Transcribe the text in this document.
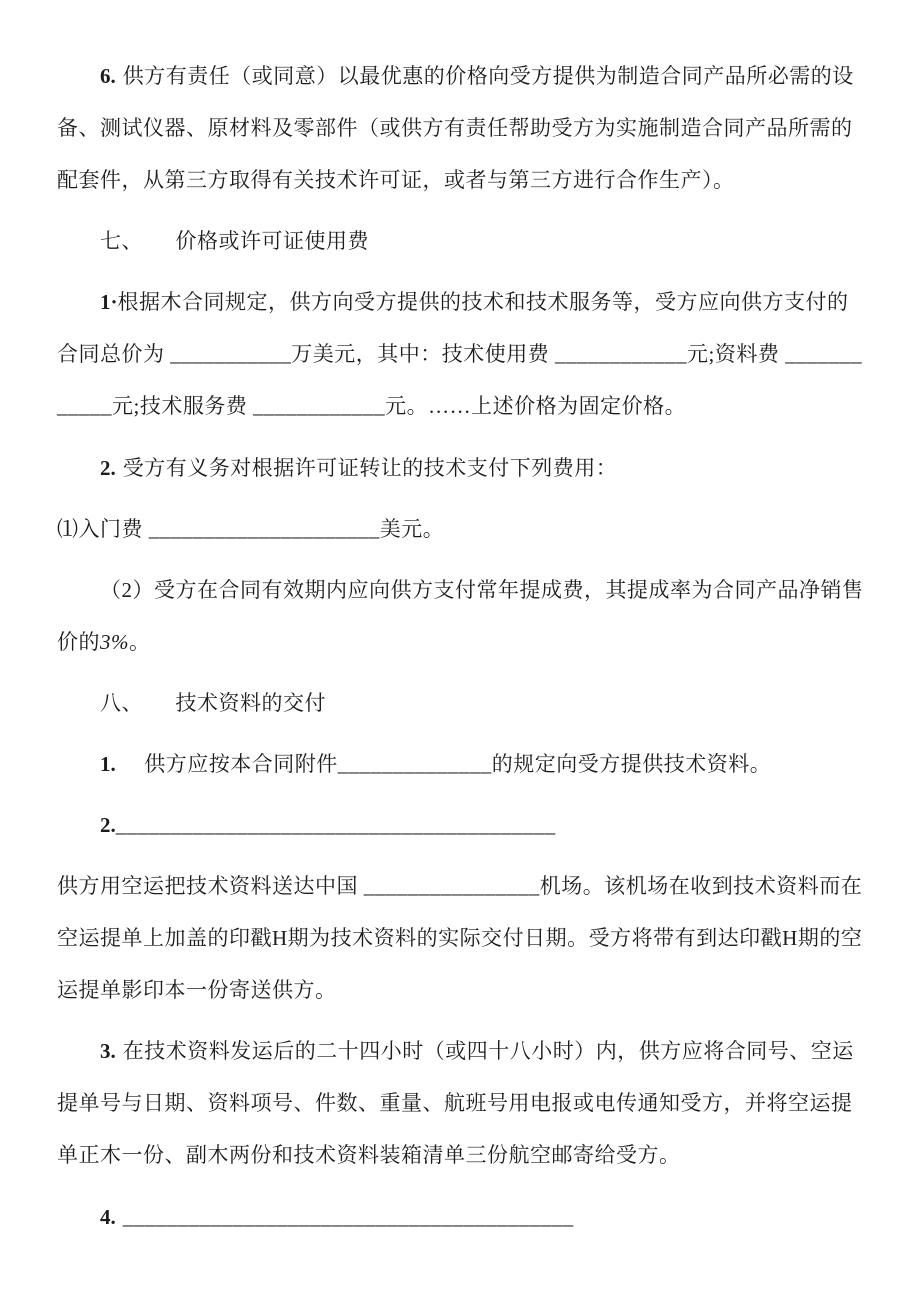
6. 供方有责任（或同意）以最优惠的价格向受方提供为制造合同产品所必需的设备、测试仪器、原材料及零部件（或供方有责任帮助受方为实施制造合同产品所需的配套件，从第三方取得有关技术许可证，或者与第三方进行合作生产）。

七、　　价格或许可证使用费

1·根据木合同规定，供方向受方提供的技术和技术服务等，受方应向供方支付的合同总价为 ___________万美元，其中：技术使用费 ____________元;资料费 ____________元;技术服务费 ____________元。……上述价格为固定价格。

2. 受方有义务对根据许可证转让的技术支付下列费用：

⑴入门费 _____________________美元。

（2）受方在合同有效期内应向供方支付常年提成费，其提成率为合同产品净销售价的3%。

八、　　技术资料的交付

1.　供方应按本合同附件______________的规定向受方提供技术资料。

2.________________________________________

供方用空运把技术资料送达中国 ________________机场。该机场在收到技术资料而在空运提单上加盖的印戳H期为技术资料的实际交付日期。受方将带有到达印戳H期的空运提单影印本一份寄送供方。

3. 在技术资料发运后的二十四小时（或四十八小时）内，供方应将合同号、空运提单号与日期、资料项号、件数、重量、航班号用电报或电传通知受方，并将空运提单正木一份、副木两份和技术资料装箱清单三份航空邮寄给受方。

4. _________________________________________
